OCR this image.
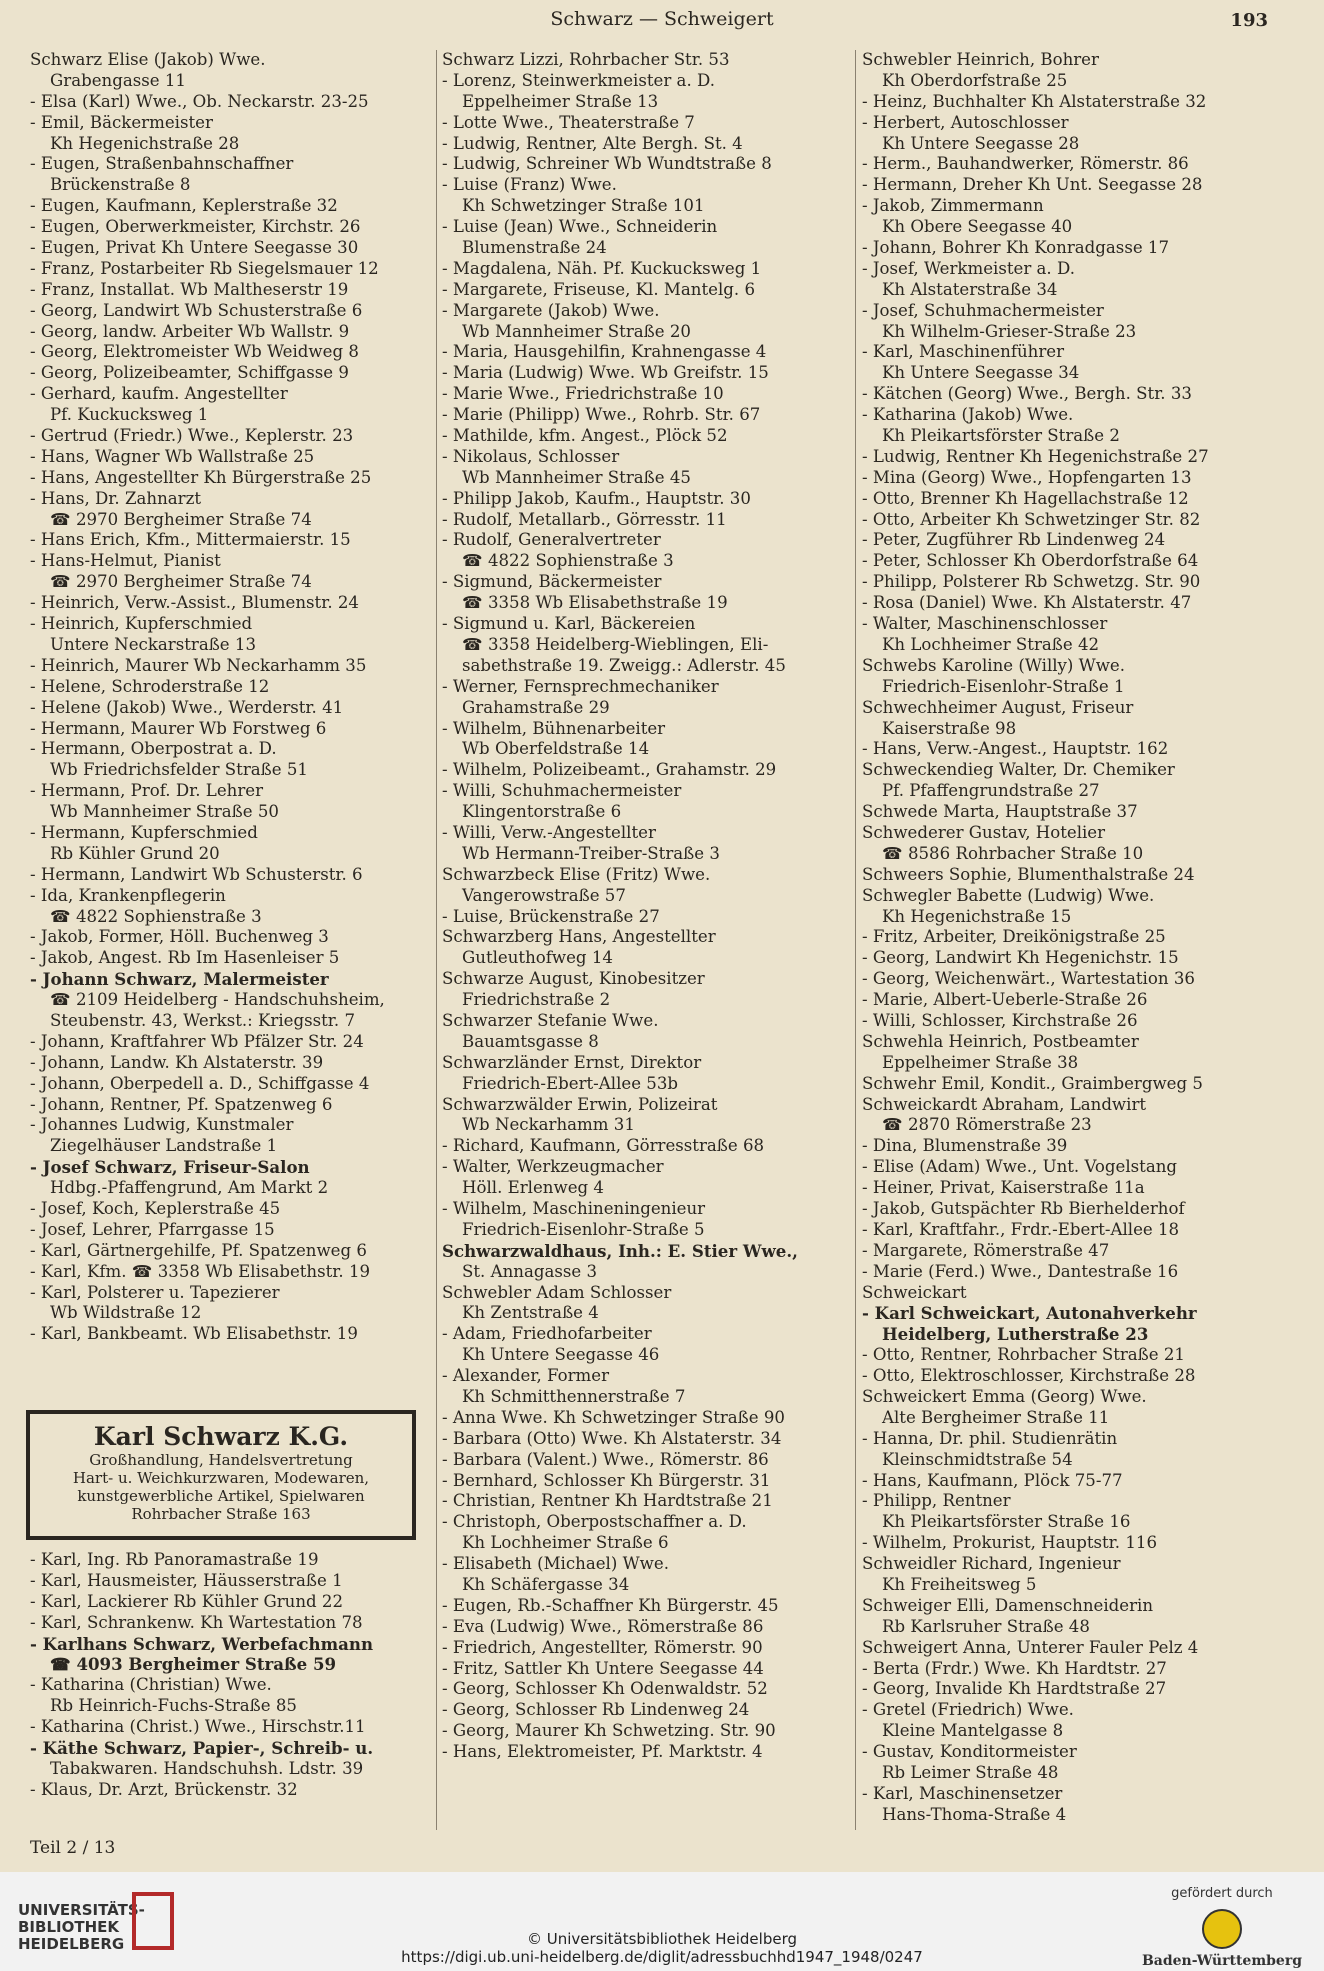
Schwarz — Schweigert	193
Schwarz Elise (Jakob) Wwe.
Grabengasse 11
- Elsa (Karl) Wwe., Ob. Neckarstr. 23-25
- Emil, Bäckermeister
Kh Hegenichstraße 28
- Eugen, Straßenbahnschaffner
Brückenstraße 8
- Eugen, Kaufmann, Keplerstraße 32
- Eugen, Oberwerkmeister, Kirchstr. 26
- Eugen, Privat Kh Untere Seegasse 30
- Franz, Postarbeiter Rb Siegelsmauer 12
- Franz, Installat. Wb Maltheserstr 19
- Georg, Landwirt Wb Schusterstraße 6
- Georg, landw. Arbeiter Wb Wallstr. 9
- Georg, Elektromeister Wb Weidweg 8
- Georg, Polizeibeamter, Schiffgasse 9
- Gerhard, kaufm. Angestellter
Pf. Kuckucksweg 1
- Gertrud (Friedr.) Wwe., Keplerstr. 23
- Hans, Wagner Wb Wallstraße 25
- Hans, Angestellter Kh Bürgerstraße 25
- Hans, Dr. Zahnarzt
☎ 2970 Bergheimer Straße 74
- Hans Erich, Kfm., Mittermaierstr. 15
- Hans-Helmut, Pianist
☎ 2970 Bergheimer Straße 74
- Heinrich, Verw.-Assist., Blumenstr. 24
- Heinrich, Kupferschmied
Untere Neckarstraße 13
- Heinrich, Maurer Wb Neckarhamm 35
- Helene, Schroderstraße 12
- Helene (Jakob) Wwe., Werderstr. 41
- Hermann, Maurer Wb Forstweg 6
- Hermann, Oberpostrat a. D.
Wb Friedrichsfelder Straße 51
- Hermann, Prof. Dr. Lehrer
Wb Mannheimer Straße 50
- Hermann, Kupferschmied
Rb Kühler Grund 20
- Hermann, Landwirt Wb Schusterstr. 6
- Ida, Krankenpflegerin
☎ 4822 Sophienstraße 3
- Jakob, Former, Höll. Buchenweg 3
- Jakob, Angest. Rb Im Hasenleiser 5
- Johann Schwarz, Malermeister
☎ 2109 Heidelberg - Handschuhsheim,
Steubenstr. 43, Werkst.: Kriegsstr. 7
- Johann, Kraftfahrer Wb Pfälzer Str. 24
- Johann, Landw. Kh Alstaterstr. 39
- Johann, Oberpedell a. D., Schiffgasse 4
- Johann, Rentner, Pf. Spatzenweg 6
- Johannes Ludwig, Kunstmaler
Ziegelhäuser Landstraße 1
- Josef Schwarz, Friseur-Salon
Hdbg.-Pfaffengrund, Am Markt 2
- Josef, Koch, Keplerstraße 45
- Josef, Lehrer, Pfarrgasse 15
- Karl, Gärtnergehilfe, Pf. Spatzenweg 6
- Karl, Kfm. ☎ 3358 Wb Elisabethstr. 19
- Karl, Polsterer u. Tapezierer
Wb Wildstraße 12
- Karl, Bankbeamt. Wb Elisabethstr. 19
Karl Schwarz K.G.
Großhandlung, Handelsvertretung
Hart- u. Weichkurzwaren, Modewaren,
kunstgewerbliche Artikel, Spielwaren
Rohrbacher Straße 163
- Karl, Ing. Rb Panoramastraße 19
- Karl, Hausmeister, Häusserstraße 1
- Karl, Lackierer Rb Kühler Grund 22
- Karl, Schrankenw. Kh Wartestation 78
- Karlhans Schwarz, Werbefachmann
☎ 4093 Bergheimer Straße 59
- Katharina (Christian) Wwe.
Rb Heinrich-Fuchs-Straße 85
- Katharina (Christ.) Wwe., Hirschstr.11
- Käthe Schwarz, Papier-, Schreib- u.
Tabakwaren. Handschuhsh. Ldstr. 39
- Klaus, Dr. Arzt, Brückenstr. 32
Teil 2 / 13
Schwarz Lizzi, Rohrbacher Str. 53
- Lorenz, Steinwerkmeister a. D.
Eppelheimer Straße 13
- Lotte Wwe., Theaterstraße 7
- Ludwig, Rentner, Alte Bergh. St. 4
- Ludwig, Schreiner Wb Wundtstraße 8
- Luise (Franz) Wwe.
Kh Schwetzinger Straße 101
- Luise (Jean) Wwe., Schneiderin
Blumenstraße 24
- Magdalena, Näh. Pf. Kuckucksweg 1
- Margarete, Friseuse, Kl. Mantelg. 6
- Margarete (Jakob) Wwe.
Wb Mannheimer Straße 20
- Maria, Hausgehilfin, Krahnengasse 4
- Maria (Ludwig) Wwe. Wb Greifstr. 15
- Marie Wwe., Friedrichstraße 10
- Marie (Philipp) Wwe., Rohrb. Str. 67
- Mathilde, kfm. Angest., Plöck 52
- Nikolaus, Schlosser
Wb Mannheimer Straße 45
- Philipp Jakob, Kaufm., Hauptstr. 30
- Rudolf, Metallarb., Görresstr. 11
- Rudolf, Generalvertreter
☎ 4822 Sophienstraße 3
- Sigmund, Bäckermeister
☎ 3358 Wb Elisabethstraße 19
- Sigmund u. Karl, Bäckereien
☎ 3358 Heidelberg-Wieblingen, Eli-
sabethstraße 19. Zweigg.: Adlerstr. 45
- Werner, Fernsprechmechaniker
Grahamstraße 29
- Wilhelm, Bühnenarbeiter
Wb Oberfeldstraße 14
- Wilhelm, Polizeibeamt., Grahamstr. 29
- Willi, Schuhmachermeister
Klingentorstraße 6
- Willi, Verw.-Angestellter
Wb Hermann-Treiber-Straße 3
Schwarzbeck Elise (Fritz) Wwe.
Vangerowstraße 57
- Luise, Brückenstraße 27
Schwarzberg Hans, Angestellter
Gutleuthofweg 14
Schwarze August, Kinobesitzer
Friedrichstraße 2
Schwarzer Stefanie Wwe.
Bauamtsgasse 8
Schwarzländer Ernst, Direktor
Friedrich-Ebert-Allee 53b
Schwarzwälder Erwin, Polizeirat
Wb Neckarhamm 31
- Richard, Kaufmann, Görresstraße 68
- Walter, Werkzeugmacher
Höll. Erlenweg 4
- Wilhelm, Maschineningenieur
Friedrich-Eisenlohr-Straße 5
Schwarzwaldhaus, Inh.: E. Stier Wwe.,
St. Annagasse 3
Schwebler Adam Schlosser
Kh Zentstraße 4
- Adam, Friedhofarbeiter
Kh Untere Seegasse 46
- Alexander, Former
Kh Schmitthennerstraße 7
- Anna Wwe. Kh Schwetzinger Straße 90
- Barbara (Otto) Wwe. Kh Alstaterstr. 34
- Barbara (Valent.) Wwe., Römerstr. 86
- Bernhard, Schlosser Kh Bürgerstr. 31
- Christian, Rentner Kh Hardtstraße 21
- Christoph, Oberpostschaffner a. D.
Kh Lochheimer Straße 6
- Elisabeth (Michael) Wwe.
Kh Schäfergasse 34
- Eugen, Rb.-Schaffner Kh Bürgerstr. 45
- Eva (Ludwig) Wwe., Römerstraße 86
- Friedrich, Angestellter, Römerstr. 90
- Fritz, Sattler Kh Untere Seegasse 44
- Georg, Schlosser Kh Odenwaldstr. 52
- Georg, Schlosser Rb Lindenweg 24
- Georg, Maurer Kh Schwetzing. Str. 90
- Hans, Elektromeister, Pf. Marktstr. 4
Schwebler Heinrich, Bohrer
Kh Oberdorfstraße 25
- Heinz, Buchhalter Kh Alstaterstraße 32
- Herbert, Autoschlosser
Kh Untere Seegasse 28
- Herm., Bauhandwerker, Römerstr. 86
- Hermann, Dreher Kh Unt. Seegasse 28
- Jakob, Zimmermann
Kh Obere Seegasse 40
- Johann, Bohrer Kh Konradgasse 17
- Josef, Werkmeister a. D.
Kh Alstaterstraße 34
- Josef, Schuhmachermeister
Kh Wilhelm-Grieser-Straße 23
- Karl, Maschinenführer
Kh Untere Seegasse 34
- Kätchen (Georg) Wwe., Bergh. Str. 33
- Katharina (Jakob) Wwe.
Kh Pleikartsförster Straße 2
- Ludwig, Rentner Kh Hegenichstraße 27
- Mina (Georg) Wwe., Hopfengarten 13
- Otto, Brenner Kh Hagellachstraße 12
- Otto, Arbeiter Kh Schwetzinger Str. 82
- Peter, Zugführer Rb Lindenweg 24
- Peter, Schlosser Kh Oberdorfstraße 64
- Philipp, Polsterer Rb Schwetzg. Str. 90
- Rosa (Daniel) Wwe. Kh Alstaterstr. 47
- Walter, Maschinenschlosser
Kh Lochheimer Straße 42
Schwebs Karoline (Willy) Wwe.
Friedrich-Eisenlohr-Straße 1
Schwechheimer August, Friseur
Kaiserstraße 98
- Hans, Verw.-Angest., Hauptstr. 162
Schweckendieg Walter, Dr. Chemiker
Pf. Pfaffengrundstraße 27
Schwede Marta, Hauptstraße 37
Schwederer Gustav, Hotelier
☎ 8586 Rohrbacher Straße 10
Schweers Sophie, Blumenthalstraße 24
Schwegler Babette (Ludwig) Wwe.
Kh Hegenichstraße 15
- Fritz, Arbeiter, Dreikönigstraße 25
- Georg, Landwirt Kh Hegenichstr. 15
- Georg, Weichenwärt., Wartestation 36
- Marie, Albert-Ueberle-Straße 26
- Willi, Schlosser, Kirchstraße 26
Schwehla Heinrich, Postbeamter
Eppelheimer Straße 38
Schwehr Emil, Kondit., Graimbergweg 5
Schweickardt Abraham, Landwirt
☎ 2870 Römerstraße 23
- Dina, Blumenstraße 39
- Elise (Adam) Wwe., Unt. Vogelstang
- Heiner, Privat, Kaiserstraße 11a
- Jakob, Gutspächter Rb Bierhelderhof
- Karl, Kraftfahr., Frdr.-Ebert-Allee 18
- Margarete, Römerstraße 47
- Marie (Ferd.) Wwe., Dantestraße 16
Schweickart
- Karl Schweickart, Autonahverkehr
Heidelberg, Lutherstraße 23
- Otto, Rentner, Rohrbacher Straße 21
- Otto, Elektroschlosser, Kirchstraße 28
Schweickert Emma (Georg) Wwe.
Alte Bergheimer Straße 11
- Hanna, Dr. phil. Studienrätin
Kleinschmidtstraße 54
- Hans, Kaufmann, Plöck 75-77
- Philipp, Rentner
Kh Pleikartsförster Straße 16
- Wilhelm, Prokurist, Hauptstr. 116
Schweidler Richard, Ingenieur
Kh Freiheitsweg 5
Schweiger Elli, Damenschneiderin
Rb Karlsruher Straße 48
Schweigert Anna, Unterer Fauler Pelz 4
- Berta (Frdr.) Wwe. Kh Hardtstr. 27
- Georg, Invalide Kh Hardtstraße 27
- Gretel (Friedrich) Wwe.
Kleine Mantelgasse 8
- Gustav, Konditormeister
Rb Leimer Straße 48
- Karl, Maschinensetzer
Hans-Thoma-Straße 4
UNIVERSITÄTS-
BIBLIOTHEK
HEIDELBERG	© Universitätsbibliothek Heidelberg
https://digi.ub.uni-heidelberg.de/diglit/adressbuchhd1947_1948/0247
gefördert durch
Baden-Württemberg
